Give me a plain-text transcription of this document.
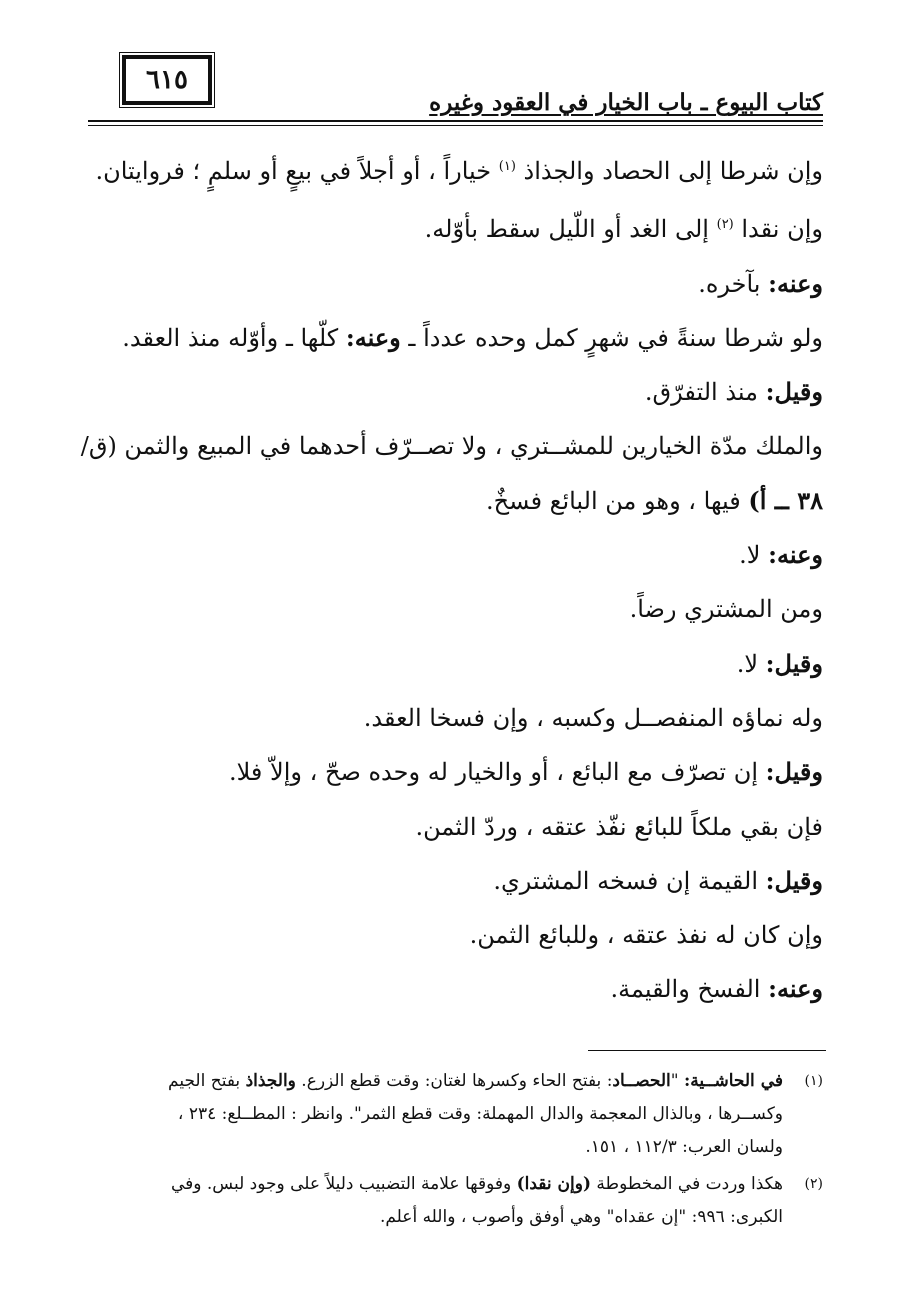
٦١٥
كتاب البيوع ـ باب الخيار في العقود وغيره

وإن شرطا إلى الحصاد والجذاذ $^{(١)}$ خياراً ، أو أجلاً في بيعٍ أو سلمٍ ؛ فروايتان.

وإن نقدا $^{(٢)}$ إلى الغد أو اللّيل سقط بأوّله.

وعنه: بآخره.

ولو شرطا سنةً في شهرٍ كمل وحده عدداً ـ وعنه: كلّها ـ وأوّله منذ العقد.

وقيل: منذ التفرّق.

والملك مدّة الخيارين للمشــتري ، ولا تصــرّف أحدهما في المبيع والثمن (ق/

٣٨ ــ أ) فيها ، وهو من البائع فسخٌ.

وعنه: لا.

ومن المشتري رضاً.

وقيل: لا.

وله نماؤه المنفصــل وكسبه ، وإن فسخا العقد.

وقيل: إن تصرّف مع البائع ، أو والخيار له وحده صحّ ، وإلاّ فلا.

فإن بقي ملكاً للبائع نفّذ عتقه ، وردّ الثمن.

وقيل: القيمة إن فسخه المشتري.

وإن كان له نفذ عتقه ، وللبائع الثمن.

وعنه: الفسخ والقيمة.

(١)
في الحاشــية: "الحصــاد: بفتح الحاء وكسرها لغتان: وقت قطع الزرع. والجذاذ بفتح الجيم
وكســرها ، وبالذال المعجمة والدال المهملة: وقت قطع الثمر". وانظر : المطــلع: ٢٣٤ ،
ولسان العرب: ١١٢/٣ ، ١٥١.
(٢)
هكذا وردت في المخطوطة (وإن نقدا) وفوقها علامة التضبيب دليلاً على وجود لبس. وفي
الكبرى: ٩٩٦: "إن عقداه" وهي أوفق وأصوب ، والله أعلم.
